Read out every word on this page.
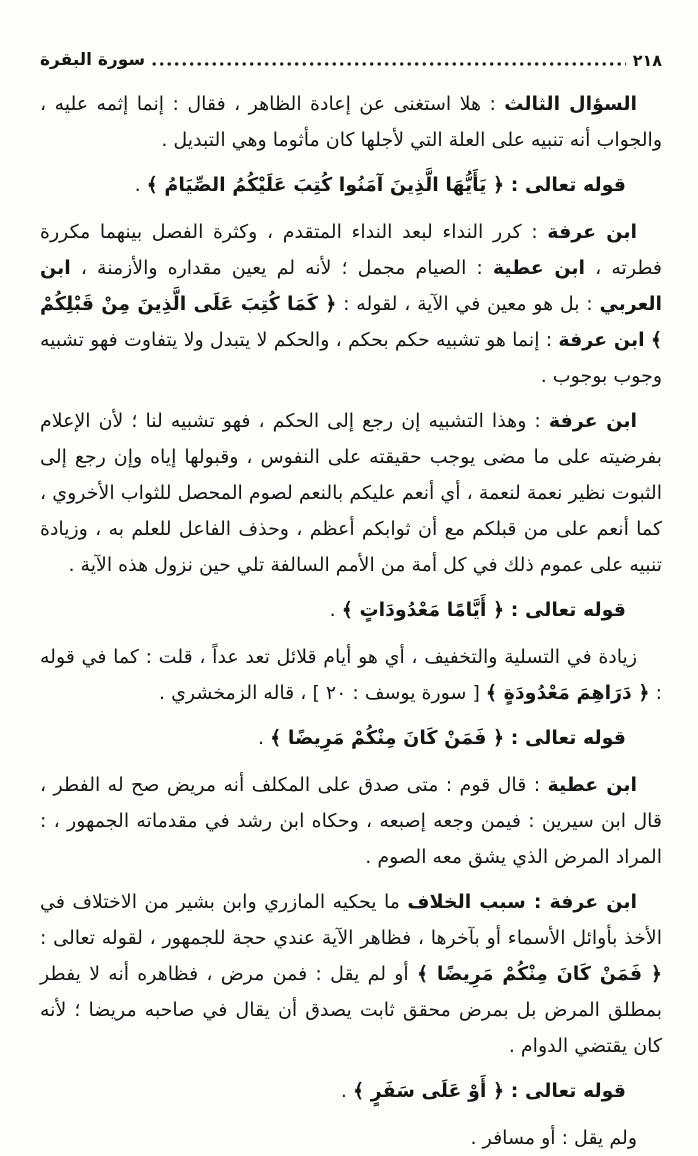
سورة البقرة	٢١٨

السؤال الثالث : هلا استغنى عن إعادة الظاهر ، فقال : إنما إثمه عليه ، والجواب أنه تنبيه على العلة التي لأجلها كان مأثوما وهي التبديل .

قوله تعالى : ﴿ يَأَيُّهَا الَّذِينَ آمَنُوا كُتِبَ عَلَيْكُمُ الصِّيَامُ ﴾ .

ابن عرفة : كرر النداء لبعد النداء المتقدم ، وكثرة الفصل بينهما مكررة فطرته ، ابن عطية : الصيام مجمل ؛ لأنه لم يعين مقداره والأزمنة ، ابن العربي : بل هو معين في الآية ، لقوله : ﴿ كَمَا كُتِبَ عَلَى الَّذِينَ مِنْ قَبْلِكُمْ ﴾ ابن عرفة : إنما هو تشبيه حكم بحكم ، والحكم لا يتبدل ولا يتفاوت فهو تشبيه وجوب بوجوب .

ابن عرفة : وهذا التشبيه إن رجع إلى الحكم ، فهو تشبيه لنا ؛ لأن الإعلام بفرضيته على ما مضى يوجب حقيقته على النفوس ، وقبولها إياه وإن رجع إلى الثبوت نظير نعمة لنعمة ، أي أنعم عليكم بالنعم لصوم المحصل للثواب الأخروي ، كما أنعم على من قبلكم مع أن ثوابكم أعظم ، وحذف الفاعل للعلم به ، وزيادة تنبيه على عموم ذلك في كل أمة من الأمم السالفة تلي حين نزول هذه الآية .

قوله تعالى : ﴿ أَيَّامًا مَعْدُودَاتٍ ﴾ .

زيادة في التسلية والتخفيف ، أي هو أيام قلائل تعد عداً ، قلت : كما في قوله : ﴿ دَرَاهِمَ مَعْدُودَةٍ ﴾ [ سورة يوسف : ٢٠ ] ، قاله الزمخشري .

قوله تعالى : ﴿ فَمَنْ كَانَ مِنْكُمْ مَرِيضًا ﴾ .

ابن عطية : قال قوم : متى صدق على المكلف أنه مريض صح له الفطر ، قال ابن سيرين : فيمن وجعه إصبعه ، وحكاه ابن رشد في مقدماته الجمهور ، : المراد المرض الذي يشق معه الصوم .

ابن عرفة : سبب الخلاف ما يحكيه المازري وابن بشير من الاختلاف في الأخذ بأوائل الأسماء أو بآخرها ، فظاهر الآية عندي حجة للجمهور ، لقوله تعالى : ﴿ فَمَنْ كَانَ مِنْكُمْ مَرِيضًا ﴾ أو لم يقل : فمن مرض ، فظاهره أنه لا يفطر بمطلق المرض بل بمرض محقق ثابت يصدق أن يقال في صاحبه مريضا ؛ لأنه كان يقتضي الدوام .

قوله تعالى : ﴿ أَوْ عَلَى سَفَرٍ ﴾ .

ولم يقل : أو مسافر .
